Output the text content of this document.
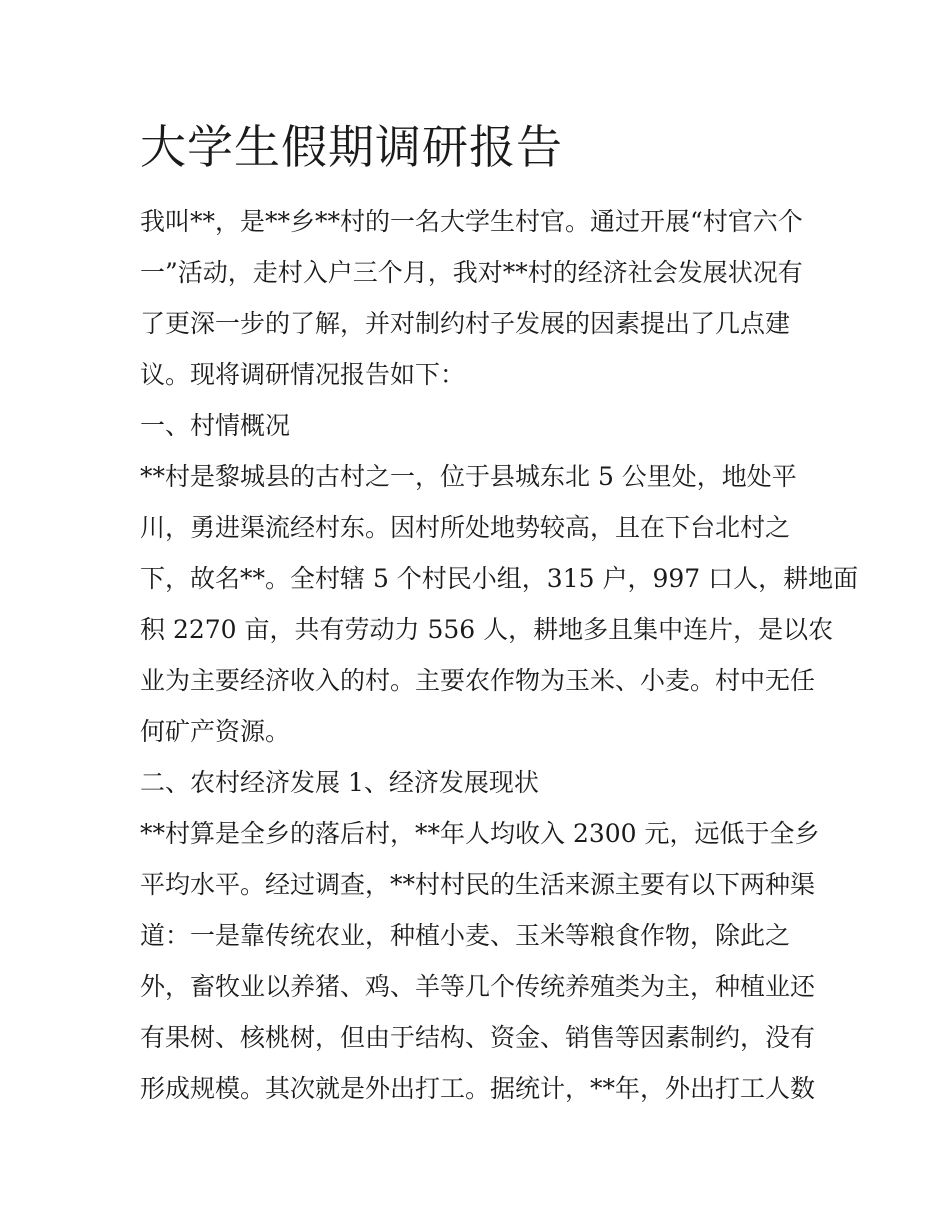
大学生假期调研报告

我叫**，是**乡**村的一名大学生村官。通过开展“村官六个

一”活动，走村入户三个月，我对**村的经济社会发展状况有

了更深一步的了解，并对制约村子发展的因素提出了几点建

议。现将调研情况报告如下：

一、村情概况

**村是黎城县的古村之一，位于县城东北 5 公里处，地处平

川，勇进渠流经村东。因村所处地势较高，且在下台北村之

下，故名**。全村辖 5 个村民小组，315 户，997 口人，耕地面

积 2270 亩，共有劳动力 556 人，耕地多且集中连片，是以农

业为主要经济收入的村。主要农作物为玉米、小麦。村中无任

何矿产资源。

二、农村经济发展 1、经济发展现状

**村算是全乡的落后村，**年人均收入 2300 元，远低于全乡

平均水平。经过调查，**村村民的生活来源主要有以下两种渠

道：一是靠传统农业，种植小麦、玉米等粮食作物，除此之

外，畜牧业以养猪、鸡、羊等几个传统养殖类为主，种植业还

有果树、核桃树，但由于结构、资金、销售等因素制约，没有

形成规模。其次就是外出打工。据统计，**年，外出打工人数
